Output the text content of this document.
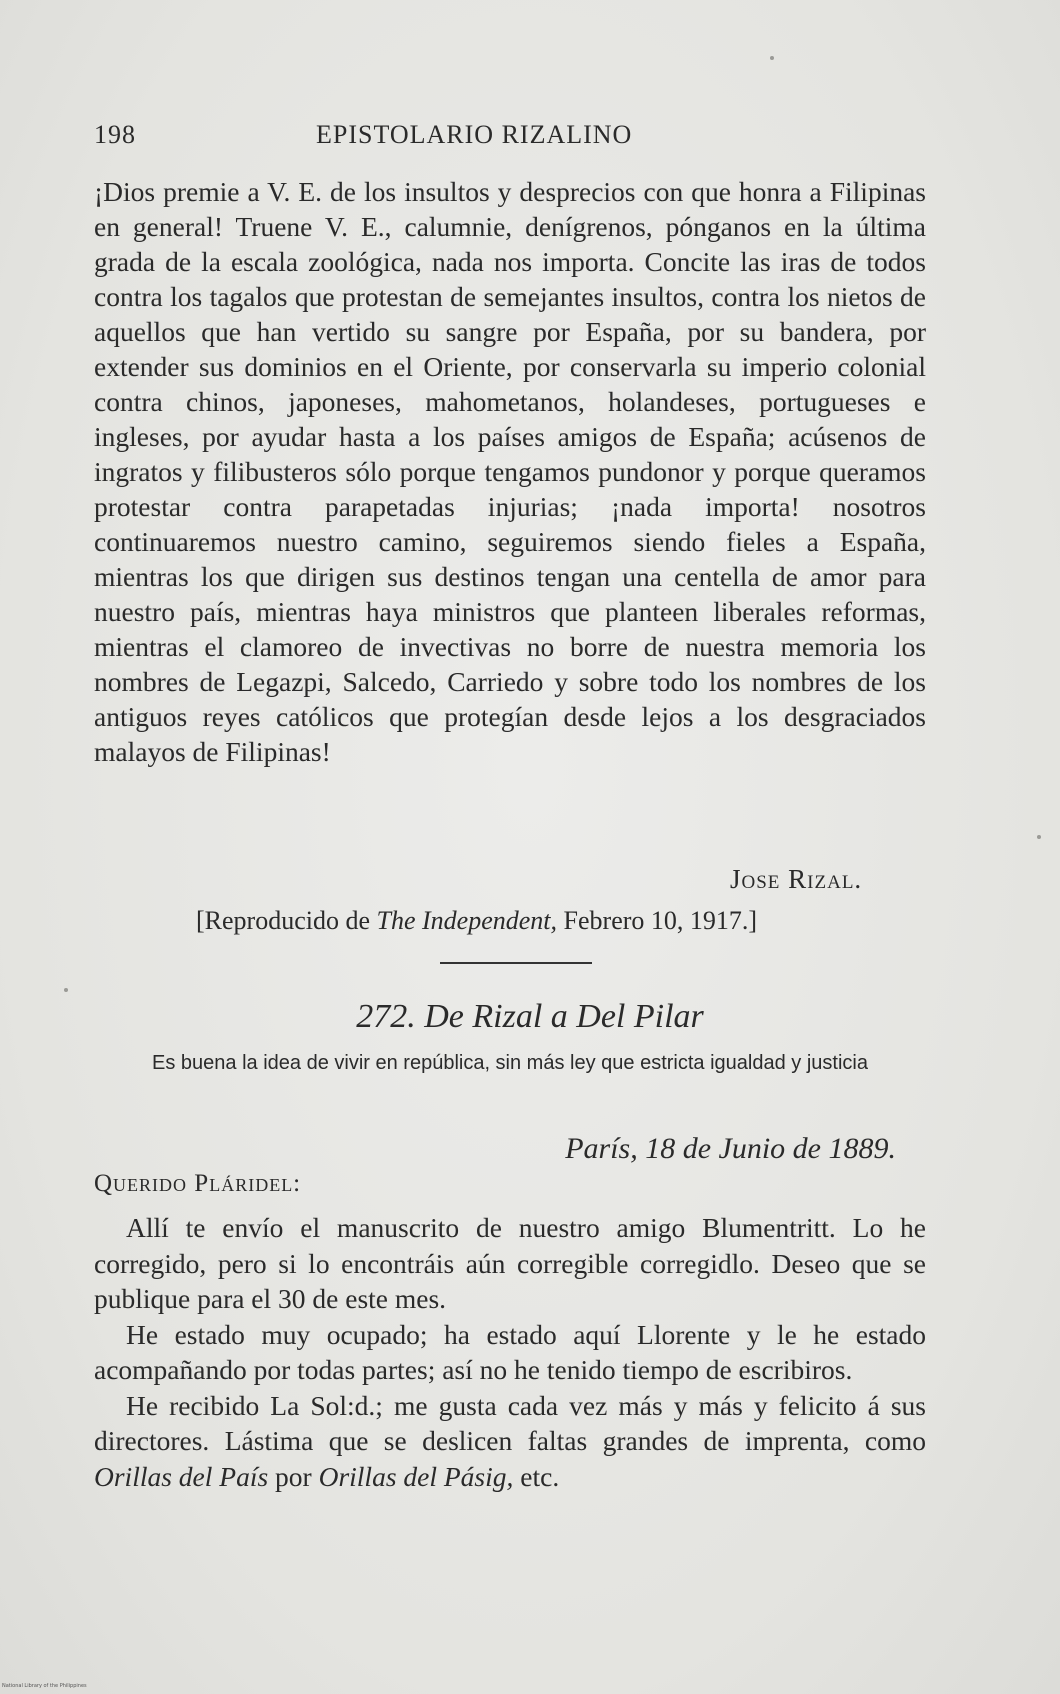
198	EPISTOLARIO RIZALINO
¡Dios premie a V. E. de los insultos y desprecios con que honra a Filipinas en general! Truene V. E., calumnie, denígrenos, pónganos en la última grada de la escala zoológica, nada nos importa. Concite las iras de todos contra los tagalos que protestan de semejantes insultos, contra los nietos de aquellos que han vertido su sangre por España, por su bandera, por extender sus dominios en el Oriente, por conservarla su imperio colonial contra chinos, japoneses, mahometanos, holandeses, portugueses e ingleses, por ayudar hasta a los países amigos de España; acúsenos de ingratos y filibusteros sólo porque tengamos pundonor y porque queramos protestar contra parapetadas injurias; ¡nada importa! nosotros continuaremos nuestro camino, seguiremos siendo fieles a España, mientras los que dirigen sus destinos tengan una centella de amor para nuestro país, mientras haya ministros que planteen liberales reformas, mientras el clamoreo de invectivas no borre de nuestra memoria los nombres de Legazpi, Salcedo, Carriedo y sobre todo los nombres de los antiguos reyes católicos que protegían desde lejos a los desgraciados malayos de Filipinas!
Jose Rizal.
[Reproducido de The Independent, Febrero 10, 1917.]
272. De Rizal a Del Pilar
Es buena la idea de vivir en república, sin más ley que estricta igualdad y justicia
París, 18 de Junio de 1889.
Querido Pláridel:

Allí te envío el manuscrito de nuestro amigo Blumentritt. Lo he corregido, pero si lo encontráis aún corregible corregidlo. Deseo que se publique para el 30 de este mes.

He estado muy ocupado; ha estado aquí Llorente y le he estado acompañando por todas partes; así no he tenido tiempo de escribiros.

He recibido La Sol:d.; me gusta cada vez más y más y felicito á sus directores. Lástima que se deslicen faltas grandes de imprenta, como Orillas del País por Orillas del Pásig, etc.

National Library of the Philippines
